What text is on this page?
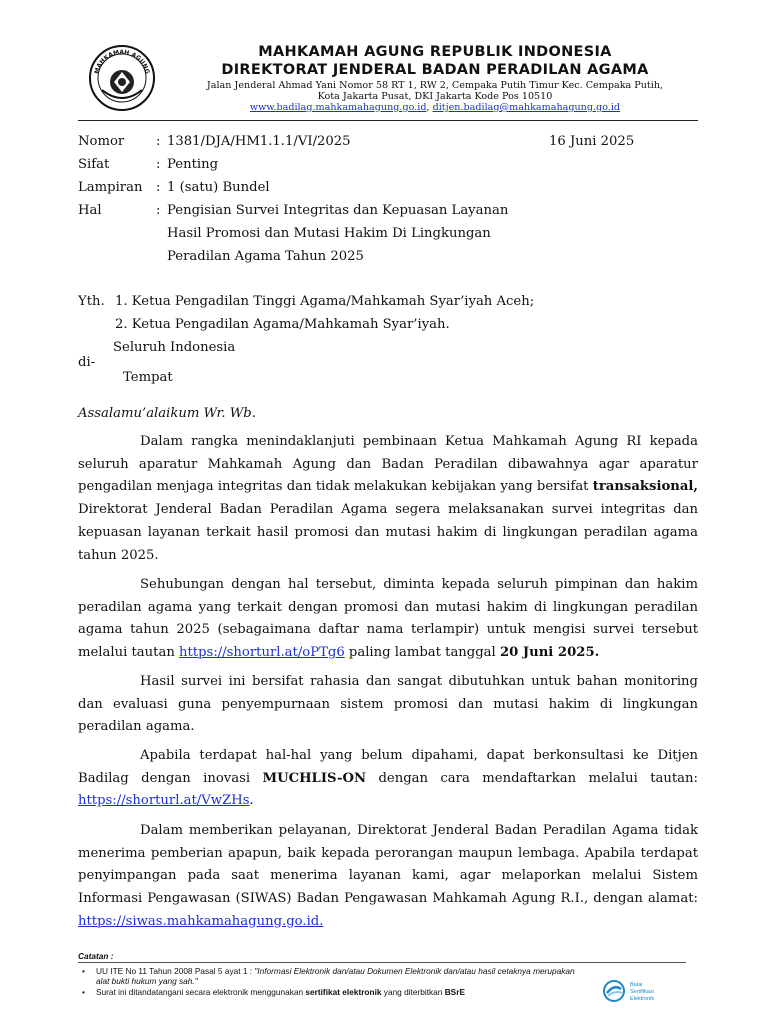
MAHKAMAH AGUNG
MAHKAMAH AGUNG REPUBLIK INDONESIA
DIREKTORAT JENDERAL BADAN PERADILAN AGAMA
Jalan Jenderal Ahmad Yani Nomor 58 RT 1, RW 2, Cempaka Putih Timur Kec. Cempaka Putih,
Kota Jakarta Pusat, DKI Jakarta Kode Pos 10510
www.badilag.mahkamahagung.go.id, ditjen.badilag@mahkamahagung.go.id
Nomor : 1381/DJA/HM1.1.1/VI/2025	16 Juni 2025
Sifat	: Penting
Lampiran : 1 (satu) Bundel
Hal	: Pengisian Survei Integritas dan Kepuasan Layanan
Hasil Promosi dan Mutasi Hakim Di Lingkungan
Peradilan Agama Tahun 2025
Yth. 1. Ketua Pengadilan Tinggi Agama/Mahkamah Syar’iyah Aceh;
2. Ketua Pengadilan Agama/Mahkamah Syar’iyah.
Seluruh Indonesia
di-
Tempat
Assalamu’alaikum Wr. Wb.

Dalam rangka menindaklanjuti pembinaan Ketua Mahkamah Agung RI kepada seluruh aparatur Mahkamah Agung dan Badan Peradilan dibawahnya agar aparatur pengadilan menjaga integritas dan tidak melakukan kebijakan yang bersifat transaksional, Direktorat Jenderal Badan Peradilan Agama segera melaksanakan survei integritas dan kepuasan layanan terkait hasil promosi dan mutasi hakim di lingkungan peradilan agama tahun 2025.

Sehubungan dengan hal tersebut, diminta kepada seluruh pimpinan dan hakim peradilan agama yang terkait dengan promosi dan mutasi hakim di lingkungan peradilan agama tahun 2025 (sebagaimana daftar nama terlampir) untuk mengisi survei tersebut melalui tautan https://shorturl.at/oPTg6 paling lambat tanggal 20 Juni 2025.

Hasil survei ini bersifat rahasia dan sangat dibutuhkan untuk bahan monitoring dan evaluasi guna penyempurnaan sistem promosi dan mutasi hakim di lingkungan peradilan agama.

Apabila terdapat hal-hal yang belum dipahami, dapat berkonsultasi ke Ditjen Badilag dengan inovasi MUCHLIS-ON dengan cara mendaftarkan melalui tautan: https://shorturl.at/VwZHs.

Dalam memberikan pelayanan, Direktorat Jenderal Badan Peradilan Agama tidak menerima pemberian apapun, baik kepada perorangan maupun lembaga. Apabila terdapat penyimpangan pada saat menerima layanan kami, agar melaporkan melalui Sistem Informasi Pengawasan (SIWAS) Badan Pengawasan Mahkamah Agung R.I., dengan alamat: https://siwas.mahkamahagung.go.id.

Catatan :
• UU ITE No 11 Tahun 2008 Pasal 5 ayat 1 : "Informasi Elektronik dan/atau Dokumen Elektronik dan/atau hasil cetaknya merupakan
alat bukti hukum yang sah."
• Surat ini ditandatangani secara elektronik menggunakan sertifikat elektronik yang diterbitkan BSrE
Balai
Sertifikasi
Elektronik
